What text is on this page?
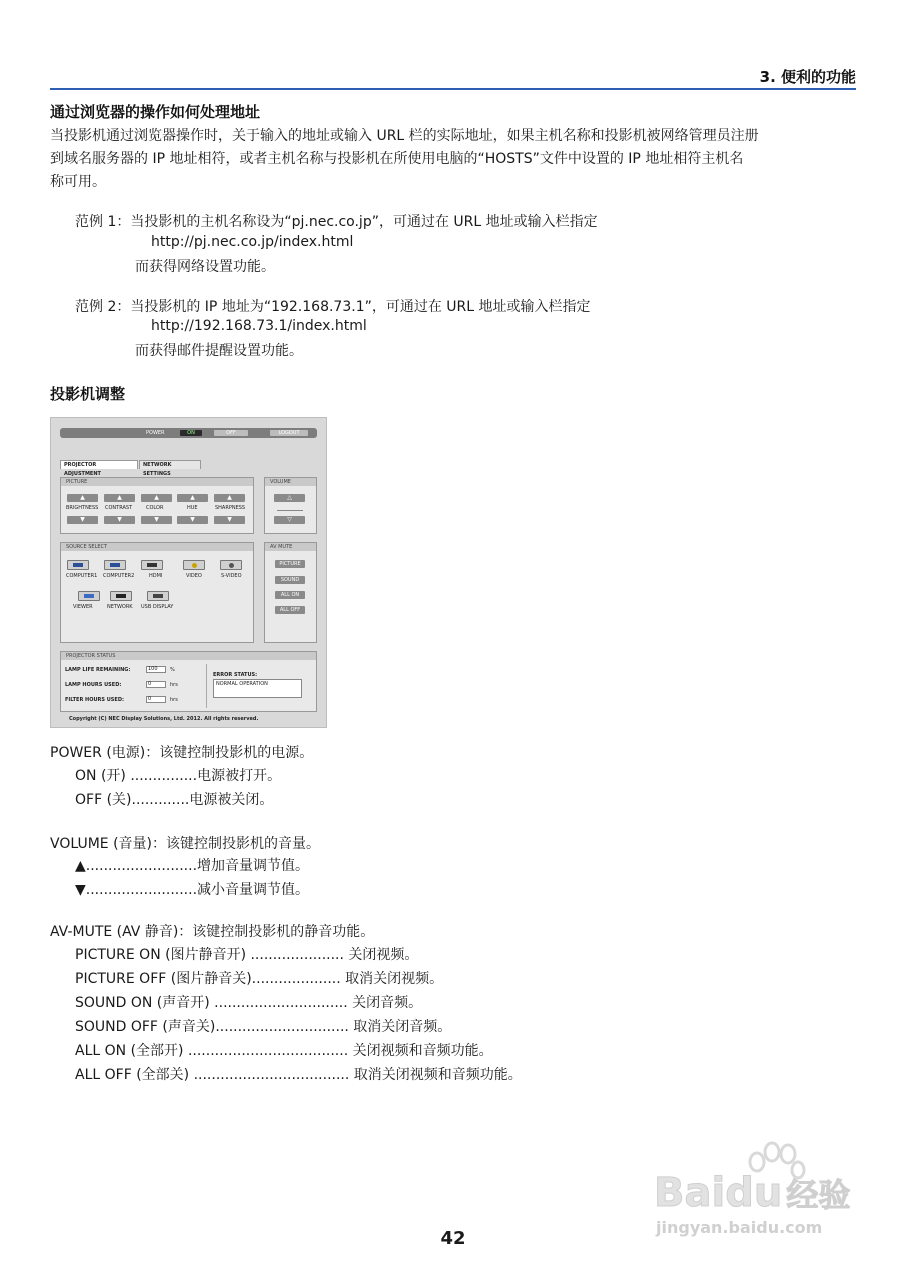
3. 便利的功能
通过浏览器的操作如何处理地址
当投影机通过浏览器操作时，关于输入的地址或输入 URL 栏的实际地址，如果主机名称和投影机被网络管理员注册
到域名服务器的 IP 地址相符，或者主机名称与投影机在所使用电脑的“HOSTS”文件中设置的 IP 地址相符主机名
称可用。
范例 1：当投影机的主机名称设为“pj.nec.co.jp”，可通过在 URL 地址或输入栏指定
http://pj.nec.co.jp/index.html
而获得网络设置功能。
范例 2：当投影机的 IP 地址为“192.168.73.1”，可通过在 URL 地址或输入栏指定
http://192.168.73.1/index.html
而获得邮件提醒设置功能。
投影机调整
POWER	ON	OFF	LOGOUT
PROJECTOR ADJUSTMENT
NETWORK SETTINGS
PICTURE
▲	▲	▲	▲	▲
BRIGHTNESS CONTRAST	COLOR	HUE	SHARPNESS
▼	▼	▼	▼	▼
VOLUME
△
▽
SOURCE SELECT
COMPUTER1 COMPUTER2	HDMI	VIDEO	S-VIDEO
VIEWER	NETWORK USB DISPLAY
AV MUTE
PICTURE
SOUND
ALL ON
ALL OFF
PROJECTOR STATUS
LAMP LIFE REMAINING:	100	%
LAMP HOURS USED:	0	hrs
FILTER HOURS USED:	0	hrs
ERROR STATUS:
NORMAL OPERATION
Copyright (C) NEC Display Solutions, Ltd. 2012. All rights reserved.
POWER (电源)：该键控制投影机的电源。
ON (开) ...............电源被打开。
OFF (关).............电源被关闭。
VOLUME (音量)：该键控制投影机的音量。
▲.........................增加音量调节值。
▼.........................减小音量调节值。
AV-MUTE (AV 静音)：该键控制投影机的静音功能。
PICTURE ON (图片静音开) ..................... 关闭视频。
PICTURE OFF (图片静音关).................... 取消关闭视频。
SOUND ON (声音开) .............................. 关闭音频。
SOUND OFF (声音关).............................. 取消关闭音频。
ALL ON (全部开) .................................... 关闭视频和音频功能。
ALL OFF (全部关) ................................... 取消关闭视频和音频功能。
Baidu 经验
jingyan.baidu.com
42
